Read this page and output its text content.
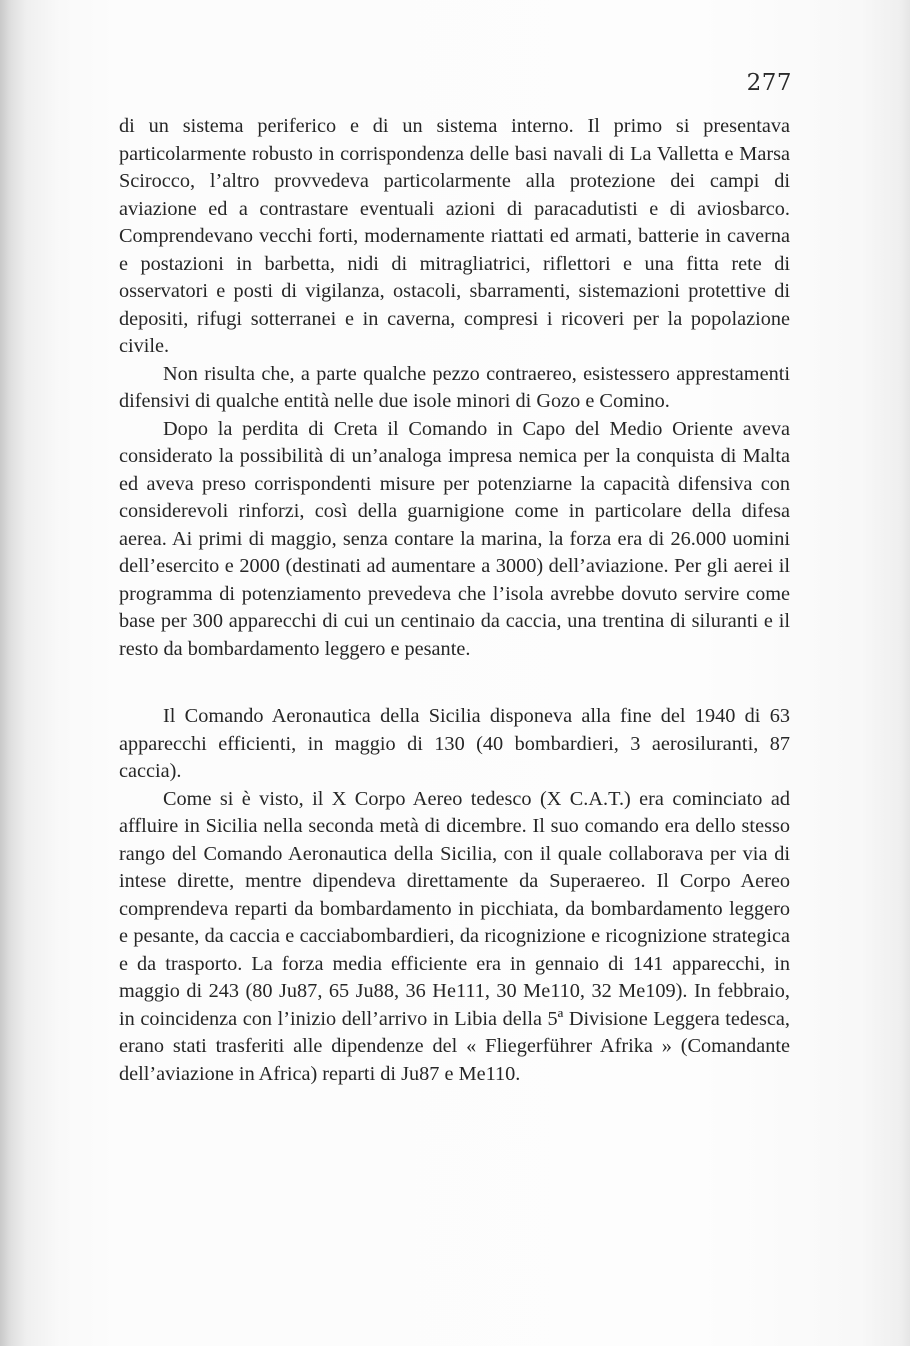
277

di un sistema periferico e di un sistema interno. Il primo si presentava particolarmente robusto in corrispondenza delle basi navali di La Valletta e Marsa Scirocco, l’altro provvedeva particolarmente alla protezione dei campi di aviazione ed a contrastare eventuali azioni di paracadutisti e di aviosbarco. Comprendevano vecchi forti, modernamente riattati ed armati, batterie in caverna e postazioni in barbetta, nidi di mitragliatrici, riflettori e una fitta rete di osservatori e posti di vigilanza, ostacoli, sbarramenti, sistemazioni protettive di depositi, rifugi sotterranei e in caverna, compresi i ricoveri per la popolazione civile.

Non risulta che, a parte qualche pezzo contraereo, esistessero apprestamenti difensivi di qualche entità nelle due isole minori di Gozo e Comino.

Dopo la perdita di Creta il Comando in Capo del Medio Oriente aveva considerato la possibilità di un’analoga impresa nemica per la conquista di Malta ed aveva preso corrispondenti misure per potenziarne la capacità difensiva con considerevoli rinforzi, così della guarnigione come in particolare della difesa aerea. Ai primi di maggio, senza contare la marina, la forza era di 26.000 uomini dell’esercito e 2000 (destinati ad aumentare a 3000) dell’aviazione. Per gli aerei il programma di potenziamento prevedeva che l’isola avrebbe dovuto servire come base per 300 apparecchi di cui un centinaio da caccia, una trentina di siluranti e il resto da bombardamento leggero e pesante.

Il Comando Aeronautica della Sicilia disponeva alla fine del 1940 di 63 apparecchi efficienti, in maggio di 130 (40 bombardieri, 3 aerosiluranti, 87 caccia).

Come si è visto, il X Corpo Aereo tedesco (X C.A.T.) era cominciato ad affluire in Sicilia nella seconda metà di dicembre. Il suo comando era dello stesso rango del Comando Aeronautica della Sicilia, con il quale collaborava per via di intese dirette, mentre dipendeva direttamente da Superaereo. Il Corpo Aereo comprendeva reparti da bombardamento in picchiata, da bombardamento leggero e pesante, da caccia e cacciabombardieri, da ricognizione e ricognizione strategica e da trasporto. La forza media efficiente era in gennaio di 141 apparecchi, in maggio di 243 (80 Ju87, 65 Ju88, 36 He111, 30 Me110, 32 Me109). In febbraio, in coincidenza con l’inizio dell’arrivo in Libia della 5ª Divisione Leggera tedesca, erano stati trasferiti alle dipendenze del « Fliegerführer Afrika » (Comandante dell’aviazione in Africa) reparti di Ju87 e Me110.
